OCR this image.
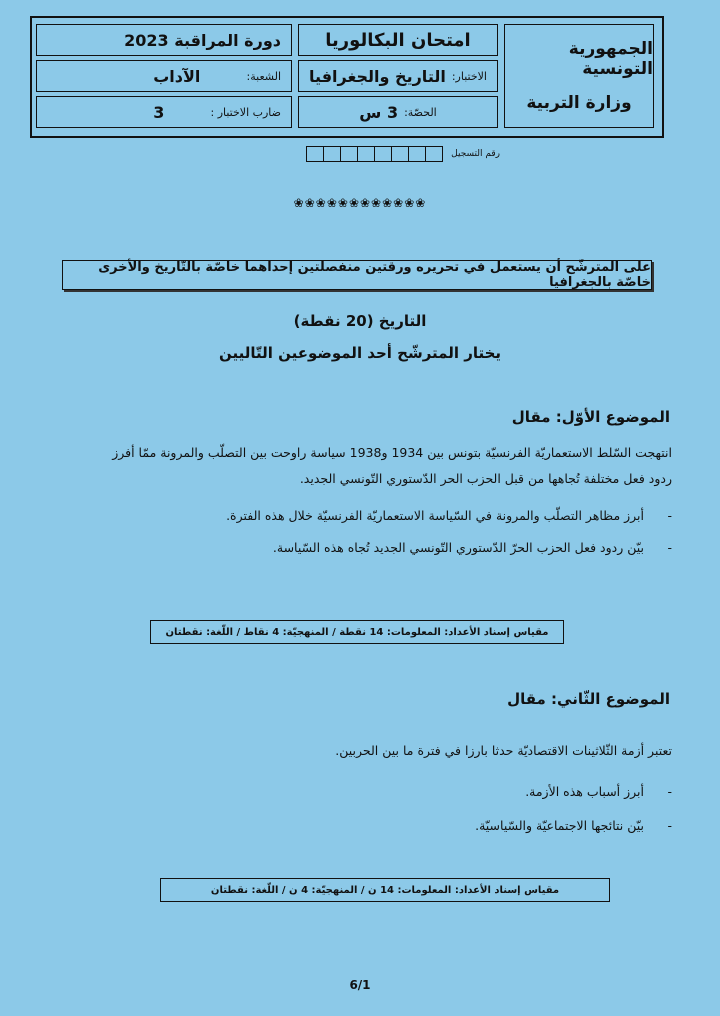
الجمهورية التونسية
وزارة التربية
امتحان البكالوريا
دورة المراقبة 2023
الاختبار:
التاريخ والجغرافيا
الشعبة:
الآداب
الحصّة:
3 س
ضارب الاختبار :
3
رقم التسجيل
❀❀❀❀❀❀❀❀❀❀❀❀
على المترشّح أن يستعمل في تحريره ورقتين منفصلتين إحداهما خاصّة بالتّاريخ والأخرى خاصّة بالجغرافيا
التاريخ (20 نقطة)
يختار المترشّح أحد الموضوعين التّاليين
الموضوع الأوّل: مقال
انتهجت السّلط الاستعماريّة الفرنسيّة بتونس بين 1934 و1938 سياسة راوحت بين التصلّب والمرونة ممّا أفرز
ردود فعل مختلفة تُجاهها من قبل الحزب الحر الدّستوري التّونسي الجديد.
-
أبرز مظاهر التصلّب والمرونة في السّياسة الاستعماريّة الفرنسيّة خلال هذه الفترة.
-
بيّن ردود فعل الحزب الحرّ الدّستوري التّونسي الجديد تُجاه هذه السّياسة.
مقياس إسناد الأعداد: المعلومات: 14 نقطة / المنهجيّة: 4 نقاط / اللّغة: نقطتان
الموضوع الثّاني: مقال
تعتبر أزمة الثّلاثينات الاقتصاديّة حدثا بارزا في فترة ما بين الحربين.
-
أبرز أسباب هذه الأزمة.
-
بيّن نتائجها الاجتماعيّة والسّياسيّة.
مقياس إسناد الأعداد: المعلومات: 14 ن / المنهجيّة: 4 ن / اللّغة: نقطتان
6/1
